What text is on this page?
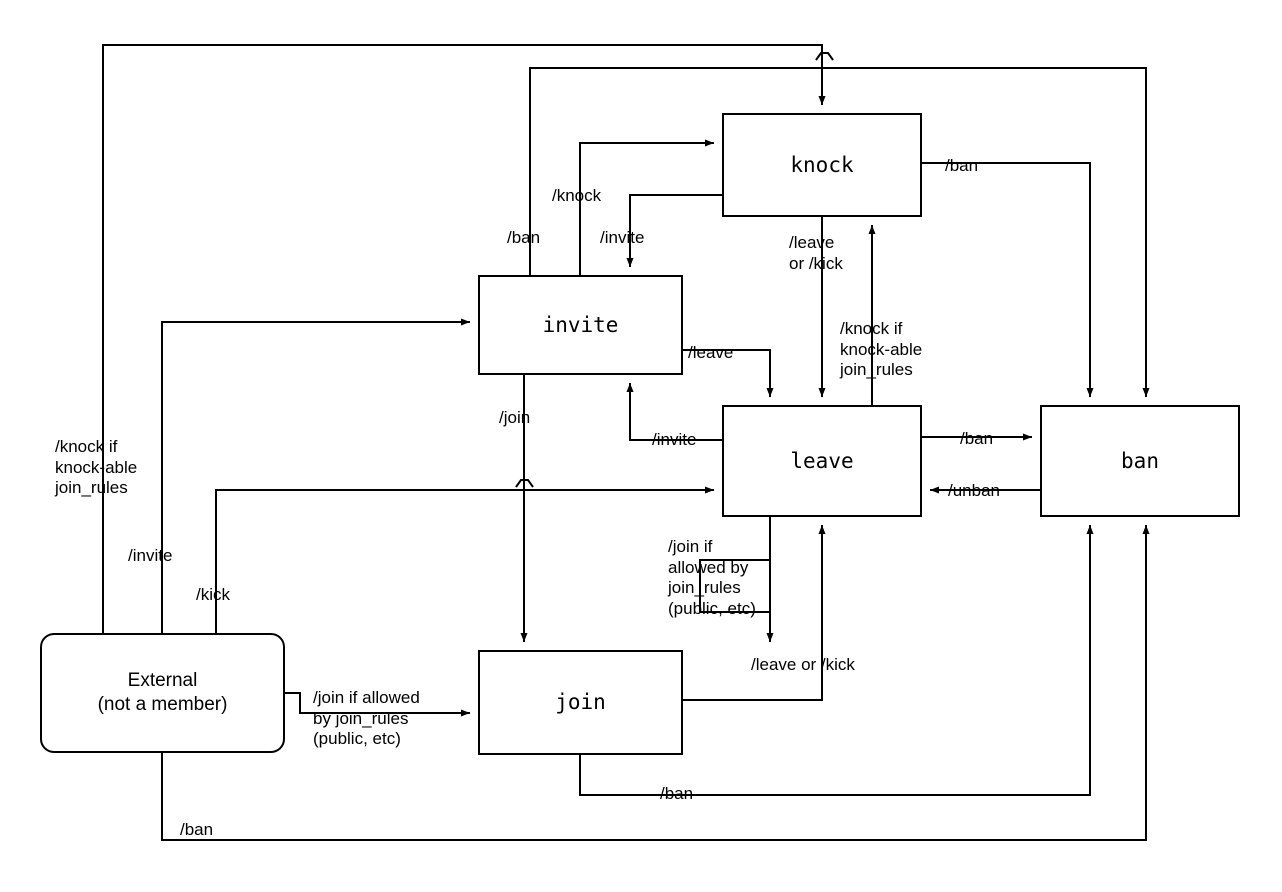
knock
invite
leave	ban
join
External
(not a member)
/knock if
knock-able
join_rules
/invite
/kick
/ban
/join if allowed
by join_rules
(public, etc)
/ban
/knock
/invite
/join
/invite
/leave
/leave
or /kick
/knock if
knock-able
join_rules
/ban
/ban
/unban
/join if
allowed by
join_rules
(public, etc)
/leave or /kick
/ban
